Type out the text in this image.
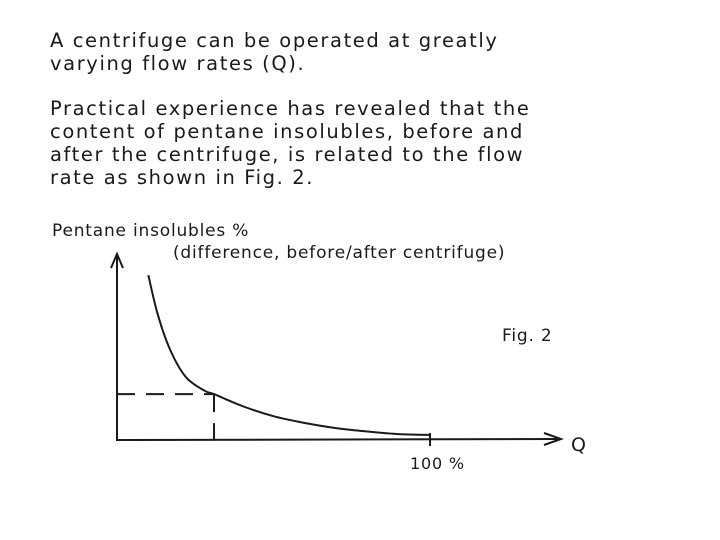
A centrifuge can be operated at greatly
varying flow rates (Q).

Practical experience has revealed that the
content of pentane insolubles, before and
after the centrifuge, is related to the flow
rate as shown in Fig. 2.

Pentane insolubles %
(difference, before/after centrifuge)
Fig. 2
Q
100 %
